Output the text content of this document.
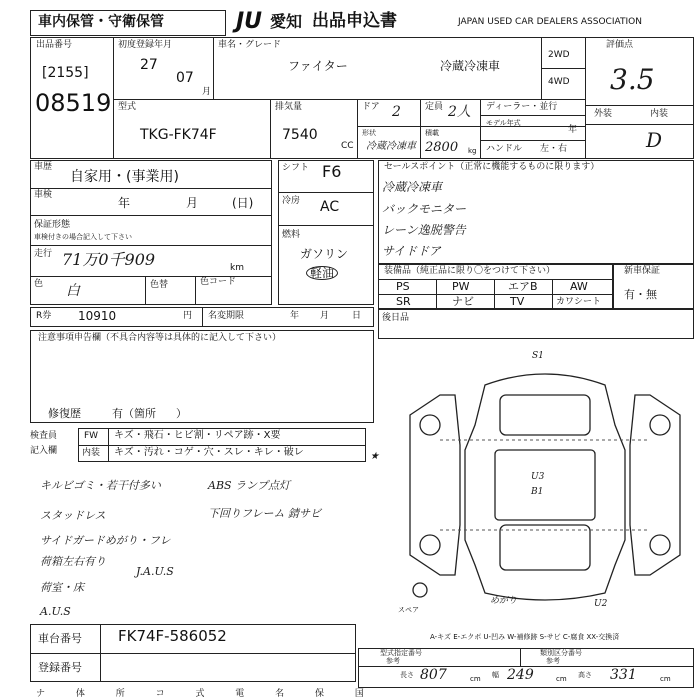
車内保管・守衛保管	JU 愛知 出品申込書	JAPAN USED CAR DEALERS ASSOCIATION
出品番号
[2155]
08519
初度登録年月
27
07
月
車名・グレード
ファイター	冷蔵冷凍車
2WD
4WD
評価点
3.5
型式
TKG-FK74F
排気量
7540
CC
ドア 2	定員 2人
形状
冷蔵冷凍車
積載
2800 kg
ディーラー・並行
モデル年式
年
ハンドル 左・右
外装	内装
D
車歴
自家用・(事業用)
車検
年	月	(日)
保証形態
車検付きの場合記入して下さい
走行 71万0千909	km
色 白	色替	色コード
シフト F6
冷房 AC
燃料
ガソリン
軽油
セールスポイント（正常に機能するものに限ります）
冷蔵冷凍車
バックモニター
レーン逸脱警告
サイドドア
装備品（純正品に限り〇をつけて下さい）
PS	PW	エアB	AW
SR	ナビ	TV	カワシート
新車保証
有・無
R券 10910	円 名変期限	年 月	日 後日品
注意事項申告欄（不具合内容等は具体的に記入して下さい）
修復歴	有（箇所 ）
検査員
記入欄
FW キズ・飛石・ヒビ割・リペア跡・X要
内装 キズ・汚れ・コゲ・穴・スレ・キレ・破レ	★
キルビゴミ・若干付多い
スタッドレス
サイドガードめがり・フレ
荷箱左右有り
荷室・床
ABS ランプ点灯
下回りフレーム 錆サビ
J.A.U.S
A.U.S
S1
U3
B1
スペア
めがり	U2
A-キズ E-エクボ U-凹み W-補修跡 S-サビ C-腐食 XX-交換済
車台番号 FK74F-586052
登録番号
型式指定番号
参考
類別区分番号
参考
長さ 807	cm 幅 249	cm 高さ 331	cm
ナ 体 所 コ 式 電 名 保 国
